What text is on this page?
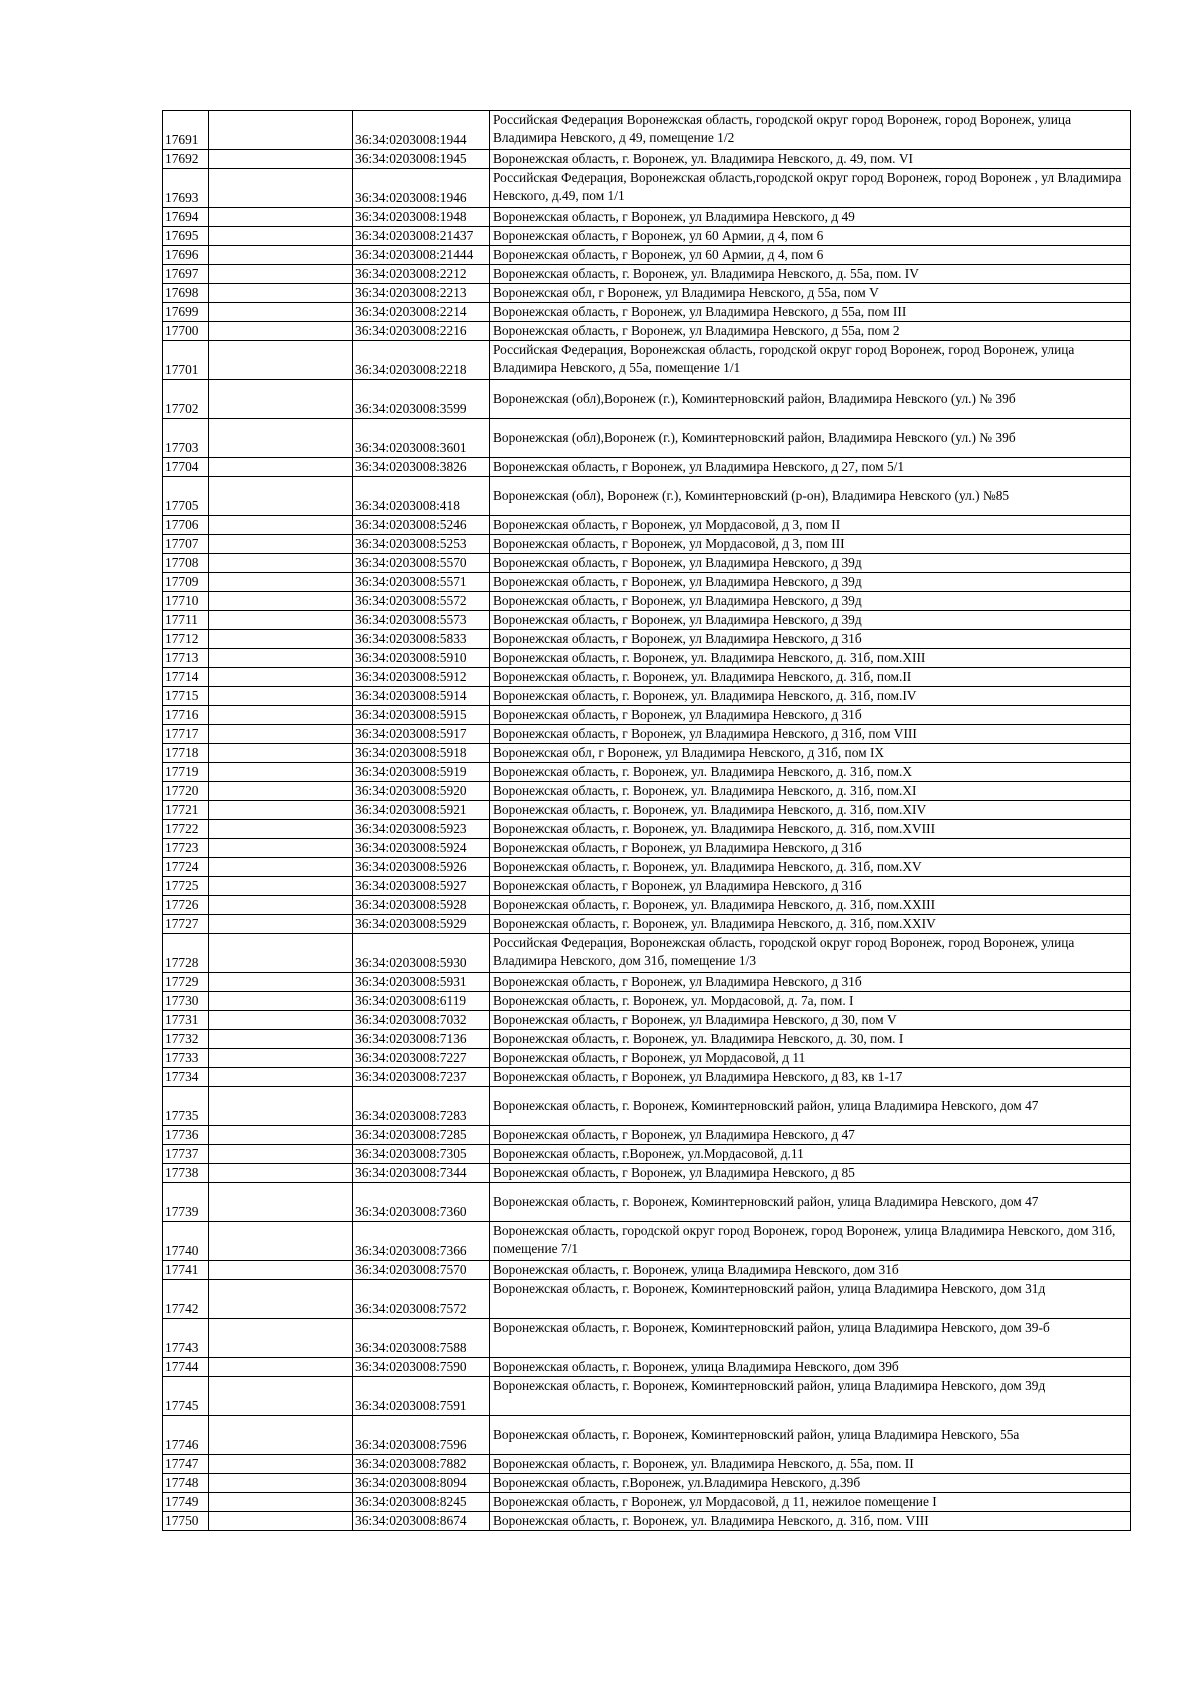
17691		36:34:0203008:1944	Российская Федерация Воронежская область, городской округ город Воронеж, город Воронеж, улица Владимира Невского, д 49, помещение 1/2
17692		36:34:0203008:1945	Воронежская область, г. Воронеж, ул. Владимира Невского, д. 49, пом. VI
17693		36:34:0203008:1946	Российская Федерация, Воронежская область,городской округ город Воронеж, город Воронеж , ул Владимира Невского, д.49, пом 1/1
17694		36:34:0203008:1948	Воронежская область, г Воронеж, ул Владимира Невского, д 49
17695		36:34:0203008:21437	Воронежская область, г Воронеж, ул 60 Армии, д 4, пом 6
17696		36:34:0203008:21444	Воронежская область, г Воронеж, ул 60 Армии, д 4, пом 6
17697		36:34:0203008:2212	Воронежская область, г. Воронеж, ул. Владимира Невского, д. 55а, пом. IV
17698		36:34:0203008:2213	Воронежская обл, г Воронеж, ул Владимира Невского, д 55а, пом V
17699		36:34:0203008:2214	Воронежская область, г Воронеж, ул Владимира Невского, д 55а, пом III
17700		36:34:0203008:2216	Воронежская область, г Воронеж, ул Владимира Невского, д 55а, пом 2
17701		36:34:0203008:2218	Российская Федерация, Воронежская область, городской округ город Воронеж, город Воронеж, улица Владимира Невского, д 55а, помещение 1/1
17702		36:34:0203008:3599	Воронежская (обл),Воронеж (г.), Коминтерновский район, Владимира Невского (ул.) № 39б
17703		36:34:0203008:3601	Воронежская (обл),Воронеж (г.), Коминтерновский район, Владимира Невского (ул.) № 39б
17704		36:34:0203008:3826	Воронежская область, г Воронеж, ул Владимира Невского, д 27, пом 5/1
17705		36:34:0203008:418	Воронежская (обл), Воронеж (г.), Коминтерновский (р-он), Владимира Невского (ул.) №85
17706		36:34:0203008:5246	Воронежская область, г Воронеж, ул Мордасовой, д 3, пом II
17707		36:34:0203008:5253	Воронежская область, г Воронеж, ул Мордасовой, д 3, пом III
17708		36:34:0203008:5570	Воронежская область, г Воронеж, ул Владимира Невского, д 39д
17709		36:34:0203008:5571	Воронежская область, г Воронеж, ул Владимира Невского, д 39д
17710		36:34:0203008:5572	Воронежская область, г Воронеж, ул Владимира Невского, д 39д
17711		36:34:0203008:5573	Воронежская область, г Воронеж, ул Владимира Невского, д 39д
17712		36:34:0203008:5833	Воронежская область, г Воронеж, ул Владимира Невского, д 31б
17713		36:34:0203008:5910	Воронежская область, г. Воронеж, ул. Владимира Невского, д. 31б, пом.XIII
17714		36:34:0203008:5912	Воронежская область, г. Воронеж, ул. Владимира Невского, д. 31б, пом.II
17715		36:34:0203008:5914	Воронежская область, г. Воронеж, ул. Владимира Невского, д. 31б, пом.IV
17716		36:34:0203008:5915	Воронежская область, г Воронеж, ул Владимира Невского, д 31б
17717		36:34:0203008:5917	Воронежская область, г Воронеж, ул Владимира Невского, д 31б, пом VIII
17718		36:34:0203008:5918	Воронежская обл, г Воронеж, ул Владимира Невского, д 31б, пом IX
17719		36:34:0203008:5919	Воронежская область, г. Воронеж, ул. Владимира Невского, д. 31б, пом.X
17720		36:34:0203008:5920	Воронежская область, г. Воронеж, ул. Владимира Невского, д. 31б, пом.XI
17721		36:34:0203008:5921	Воронежская область, г. Воронеж, ул. Владимира Невского, д. 31б, пом.XIV
17722		36:34:0203008:5923	Воронежская область, г. Воронеж, ул. Владимира Невского, д. 31б, пом.XVIII
17723		36:34:0203008:5924	Воронежская область, г Воронеж, ул Владимира Невского, д 31б
17724		36:34:0203008:5926	Воронежская область, г. Воронеж, ул. Владимира Невского, д. 31б, пом.XV
17725		36:34:0203008:5927	Воронежская область, г Воронеж, ул Владимира Невского, д 31б
17726		36:34:0203008:5928	Воронежская область, г. Воронеж, ул. Владимира Невского, д. 31б, пом.XXIII
17727		36:34:0203008:5929	Воронежская область, г. Воронеж, ул. Владимира Невского, д. 31б, пом.XXIV
17728		36:34:0203008:5930	Российская Федерация, Воронежская область, городской округ город Воронеж, город Воронеж, улица Владимира Невского, дом 31б, помещение 1/3
17729		36:34:0203008:5931	Воронежская область, г Воронеж, ул Владимира Невского, д 31б
17730		36:34:0203008:6119	Воронежская область, г. Воронеж, ул. Мордасовой, д. 7а, пом. I
17731		36:34:0203008:7032	Воронежская область, г Воронеж, ул Владимира Невского, д 30, пом V
17732		36:34:0203008:7136	Воронежская область, г. Воронеж, ул. Владимира Невского, д. 30, пом. I
17733		36:34:0203008:7227	Воронежская область, г Воронеж, ул Мордасовой, д 11
17734		36:34:0203008:7237	Воронежская область, г Воронеж, ул Владимира Невского, д 83, кв 1-17
17735		36:34:0203008:7283	Воронежская область, г. Воронеж, Коминтерновский район, улица Владимира Невского, дом 47
17736		36:34:0203008:7285	Воронежская область, г Воронеж, ул Владимира Невского, д 47
17737		36:34:0203008:7305	Воронежская область, г.Воронеж, ул.Мордасовой, д.11
17738		36:34:0203008:7344	Воронежская область, г Воронеж, ул Владимира Невского, д 85
17739		36:34:0203008:7360	Воронежская область, г. Воронеж, Коминтерновский район, улица Владимира Невского, дом 47
17740		36:34:0203008:7366	Воронежская область, городской округ город Воронеж, город Воронеж, улица Владимира Невского, дом 31б, помещение 7/1
17741		36:34:0203008:7570	Воронежская область, г. Воронеж, улица Владимира Невского, дом 31б
17742		36:34:0203008:7572	Воронежская область, г. Воронеж, Коминтерновский район, улица Владимира Невского, дом 31д
17743		36:34:0203008:7588	Воронежская область, г. Воронеж, Коминтерновский район, улица Владимира Невского, дом 39-б
17744		36:34:0203008:7590	Воронежская область, г. Воронеж, улица Владимира Невского, дом 39б
17745		36:34:0203008:7591	Воронежская область, г. Воронеж, Коминтерновский район, улица Владимира Невского, дом 39д
17746		36:34:0203008:7596	Воронежская область, г. Воронеж, Коминтерновский район, улица Владимира Невского, 55а
17747		36:34:0203008:7882	Воронежская область, г. Воронеж, ул. Владимира Невского, д. 55а, пом. II
17748		36:34:0203008:8094	Воронежская область, г.Воронеж, ул.Владимира Невского, д.39б
17749		36:34:0203008:8245	Воронежская область, г Воронеж, ул Мордасовой, д 11, нежилое помещение I
17750		36:34:0203008:8674	Воронежская область, г. Воронеж, ул. Владимира Невского, д. 31б, пом. VIII
